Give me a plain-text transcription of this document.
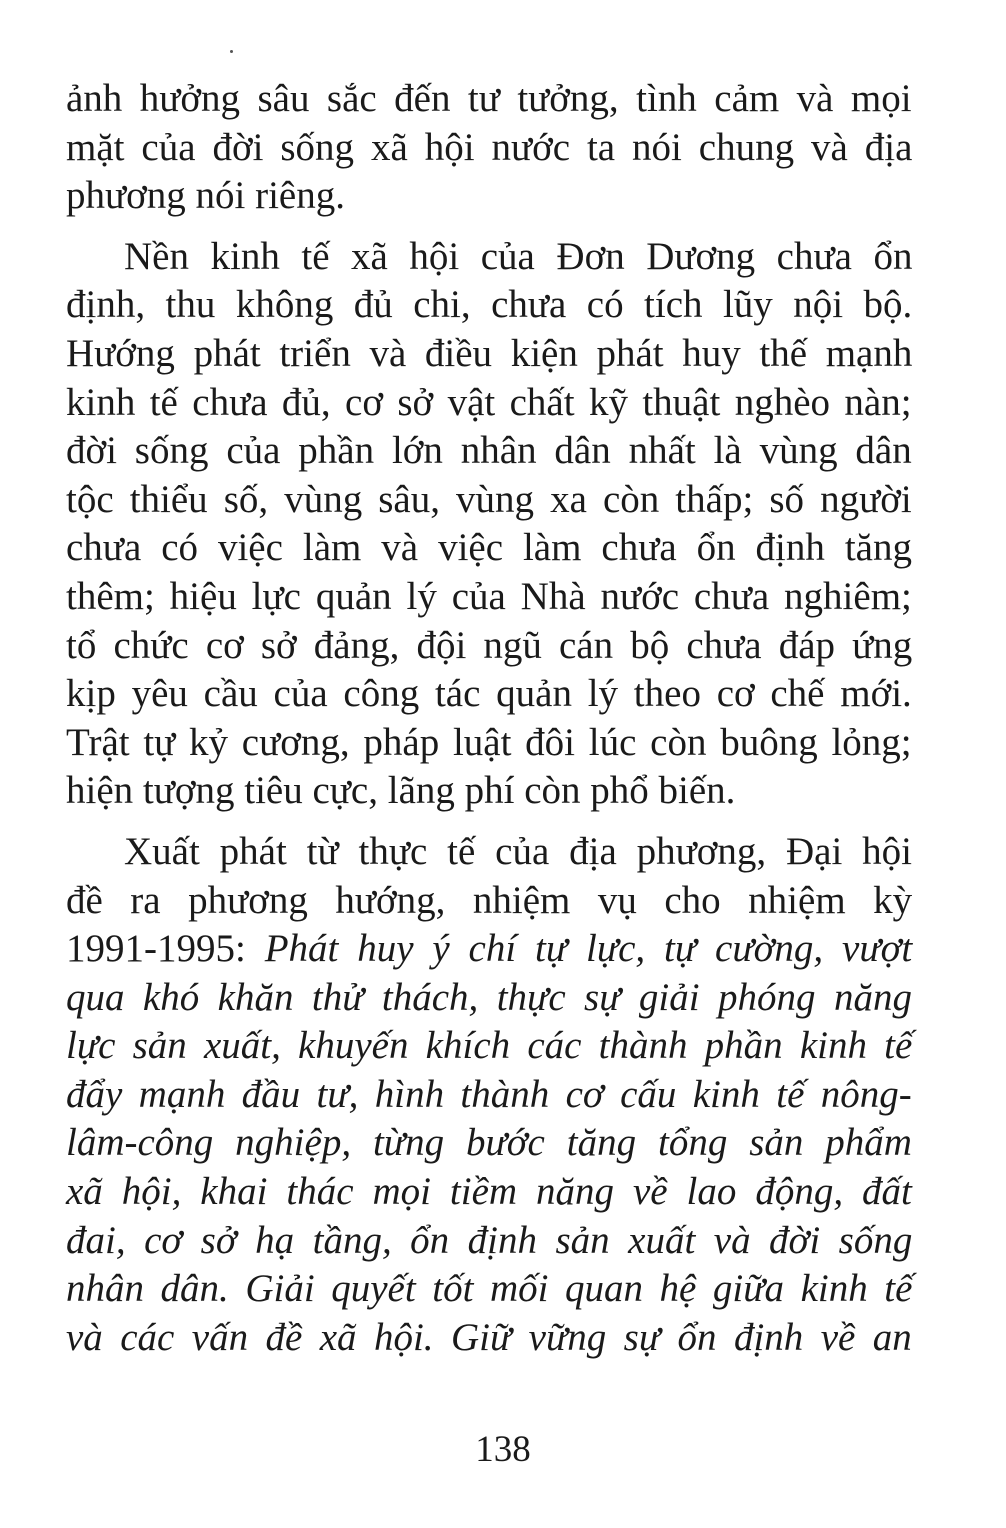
ảnh hưởng sâu sắc đến tư tưởng, tình cảm và mọi
mặt của đời sống xã hội nước ta nói chung và địa
phương nói riêng.
Nền kinh tế xã hội của Đơn Dương chưa ổn
định, thu không đủ chi, chưa có tích lũy nội bộ.
Hướng phát triển và điều kiện phát huy thế mạnh
kinh tế chưa đủ, cơ sở vật chất kỹ thuật nghèo nàn;
đời sống của phần lớn nhân dân nhất là vùng dân
tộc thiểu số, vùng sâu, vùng xa còn thấp; số người
chưa có việc làm và việc làm chưa ổn định tăng
thêm; hiệu lực quản lý của Nhà nước chưa nghiêm;
tổ chức cơ sở đảng, đội ngũ cán bộ chưa đáp ứng
kịp yêu cầu của công tác quản lý theo cơ chế mới.
Trật tự kỷ cương, pháp luật đôi lúc còn buông lỏng;
hiện tượng tiêu cực, lãng phí còn phổ biến.
Xuất phát từ thực tế của địa phương, Đại hội
đề ra phương hướng, nhiệm vụ cho nhiệm kỳ
1991-1995: Phát huy ý chí tự lực, tự cường, vượt
qua khó khăn thử thách, thực sự giải phóng năng
lực sản xuất, khuyến khích các thành phần kinh tế
đẩy mạnh đầu tư, hình thành cơ cấu kinh tế nông-
lâm-công nghiệp, từng bước tăng tổng sản phẩm
xã hội, khai thác mọi tiềm năng về lao động, đất
đai, cơ sở hạ tầng, ổn định sản xuất và đời sống
nhân dân. Giải quyết tốt mối quan hệ giữa kinh tế
và các vấn đề xã hội. Giữ vững sự ổn định về an
138
